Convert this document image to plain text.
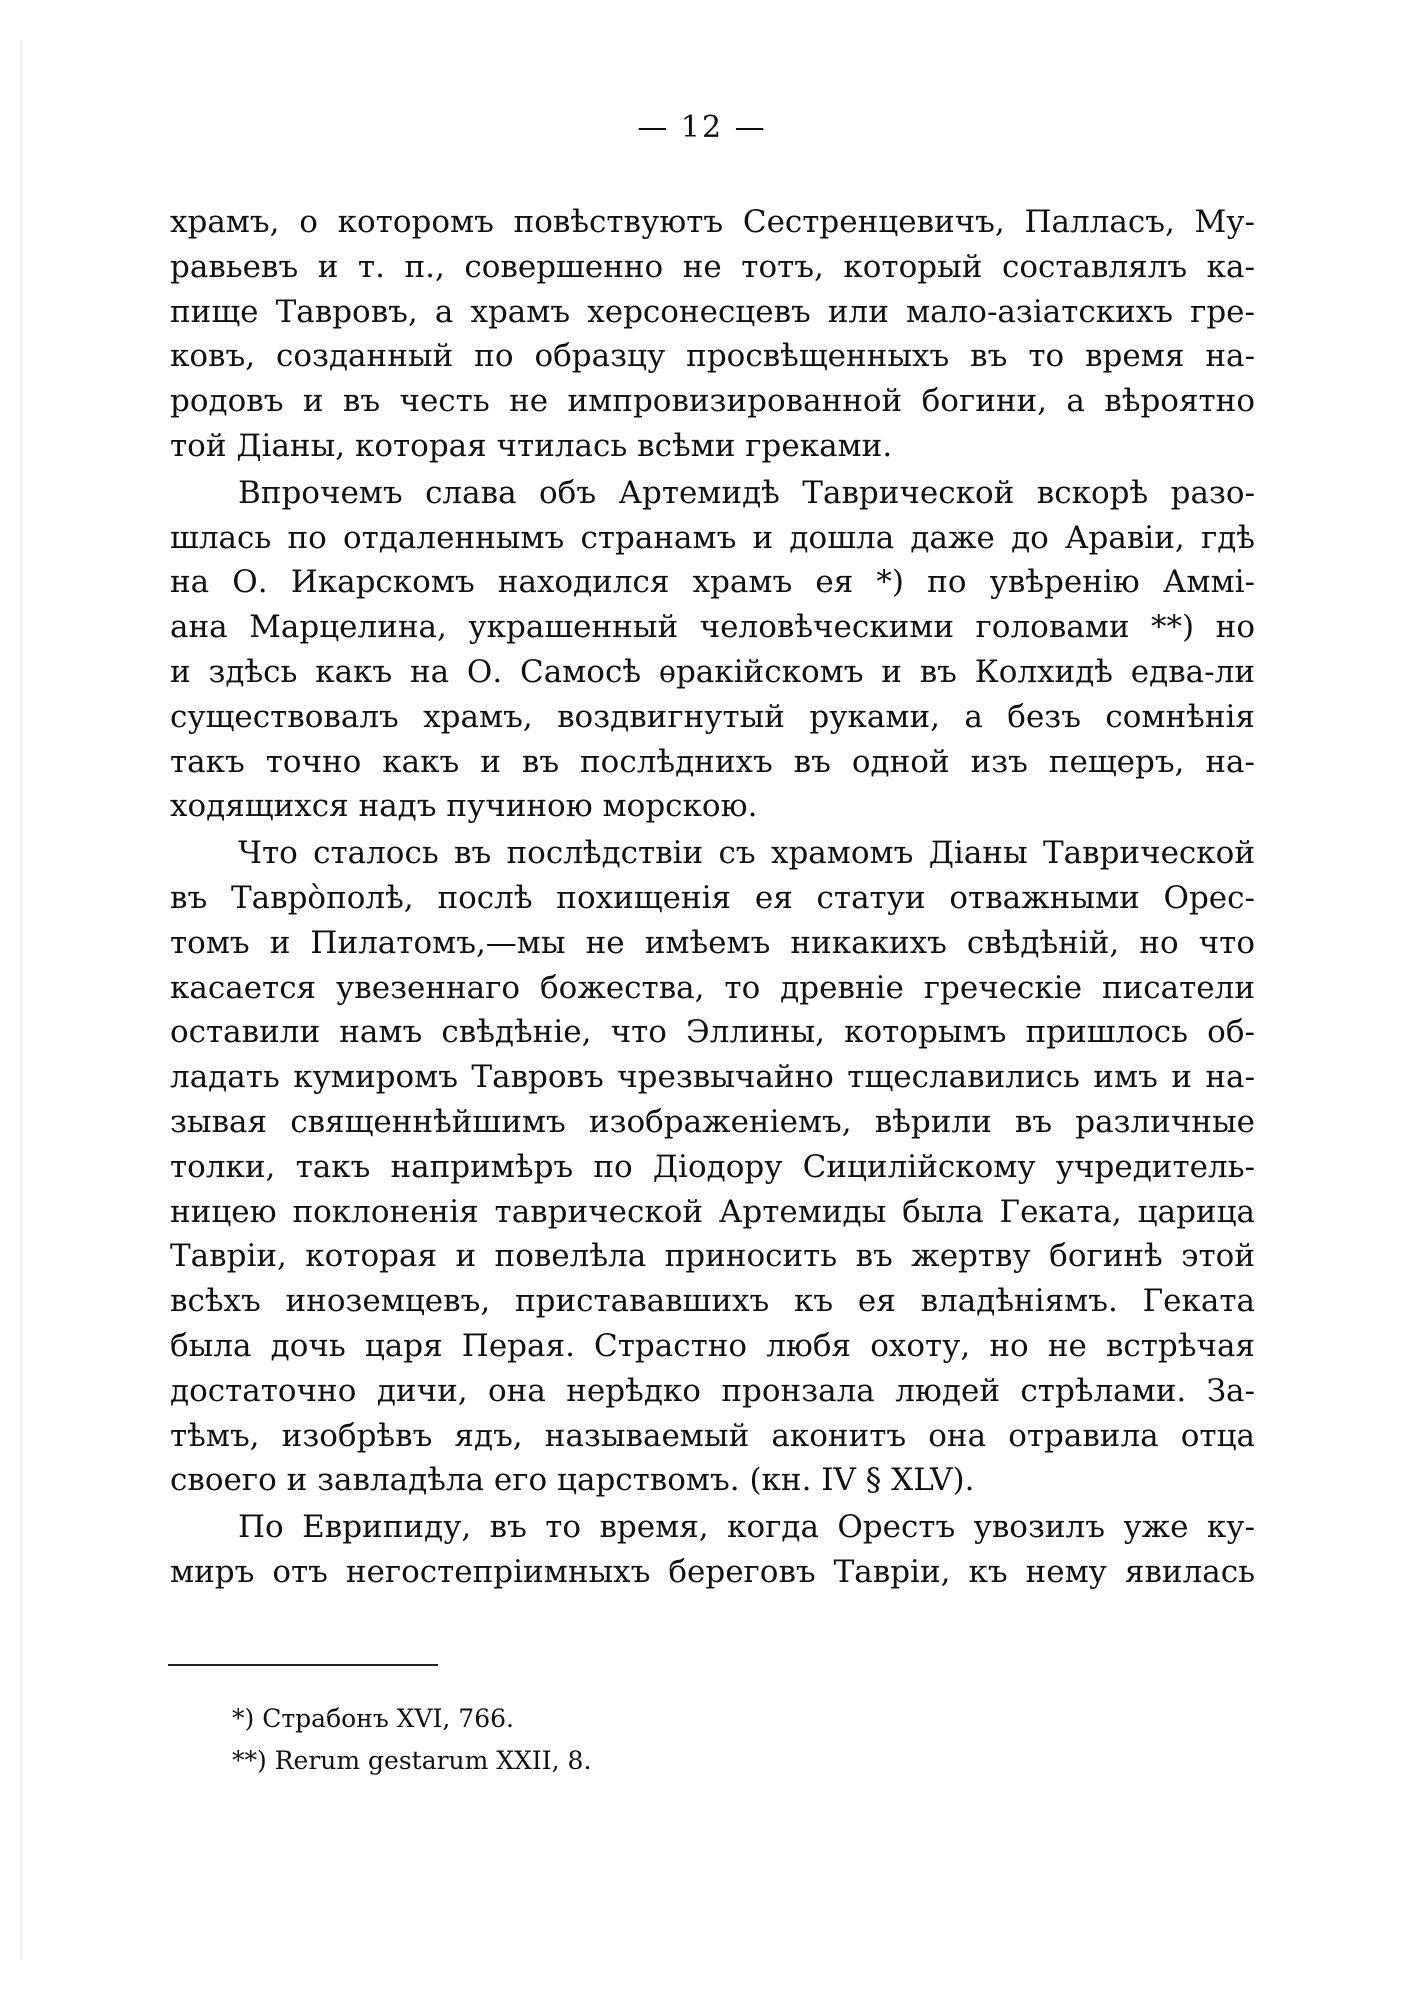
— 12 —
храмъ, о которомъ повѣствуютъ Сестренцевичъ, Палласъ, Му-
равьевъ и т. п., совершенно не тотъ, который составлялъ ка-
пище Тавровъ, а храмъ херсонесцевъ или мало-азіатскихъ гре-
ковъ, созданный по образцу просвѣщенныхъ въ то время на-
родовъ и въ честь не импровизированной богини, а вѣроятно
той Діаны, которая чтилась всѣми греками.
Впрочемъ слава объ Артемидѣ Таврической вскорѣ разо-
шлась по отдаленнымъ странамъ и дошла даже до Аравіи, гдѣ
на О. Икарскомъ находился храмъ ея *) по увѣренію Аммі-
ана Марцелина, украшенный человѣческими головами **) но
и здѣсь какъ на О. Самосѣ ѳракійскомъ и въ Колхидѣ едва-ли
существовалъ храмъ, воздвигнутый руками, а безъ сомнѣнія
такъ точно какъ и въ послѣднихъ въ одной изъ пещеръ, на-
ходящихся надъ пучиною морскою.
Что сталось въ послѣдствіи съ храмомъ Діаны Таврической
въ Тавро̀полѣ, послѣ похищенія ея статуи отважными Орес-
томъ и Пилатомъ,—мы не имѣемъ никакихъ свѣдѣній, но что
касается увезеннаго божества, то древніе греческіе писатели
оставили намъ свѣдѣніе, что Эллины, которымъ пришлось об-
ладать кумиромъ Тавровъ чрезвычайно тщеславились имъ и на-
зывая священнѣйшимъ изображеніемъ, вѣрили въ различные
толки, такъ напримѣръ по Діодору Сицилійскому учредитель-
ницею поклоненія таврической Артемиды была Геката, царица
Тавріи, которая и повелѣла приносить въ жертву богинѣ этой
всѣхъ иноземцевъ, пристававшихъ къ ея владѣніямъ. Геката
была дочь царя Перая. Страстно любя охоту, но не встрѣчая
достаточно дичи, она нерѣдко пронзала людей стрѣлами. За-
тѣмъ, изобрѣвъ ядъ, называемый аконитъ она отравила отца
своего и завладѣла его царствомъ. (кн. IV § XLV).
По Еврипиду, въ то время, когда Орестъ увозилъ уже ку-
миръ отъ негостепріимныхъ береговъ Тавріи, къ нему явилась
*) Страбонъ XVI, 766.
**) Rerum gestarum XXII, 8.
